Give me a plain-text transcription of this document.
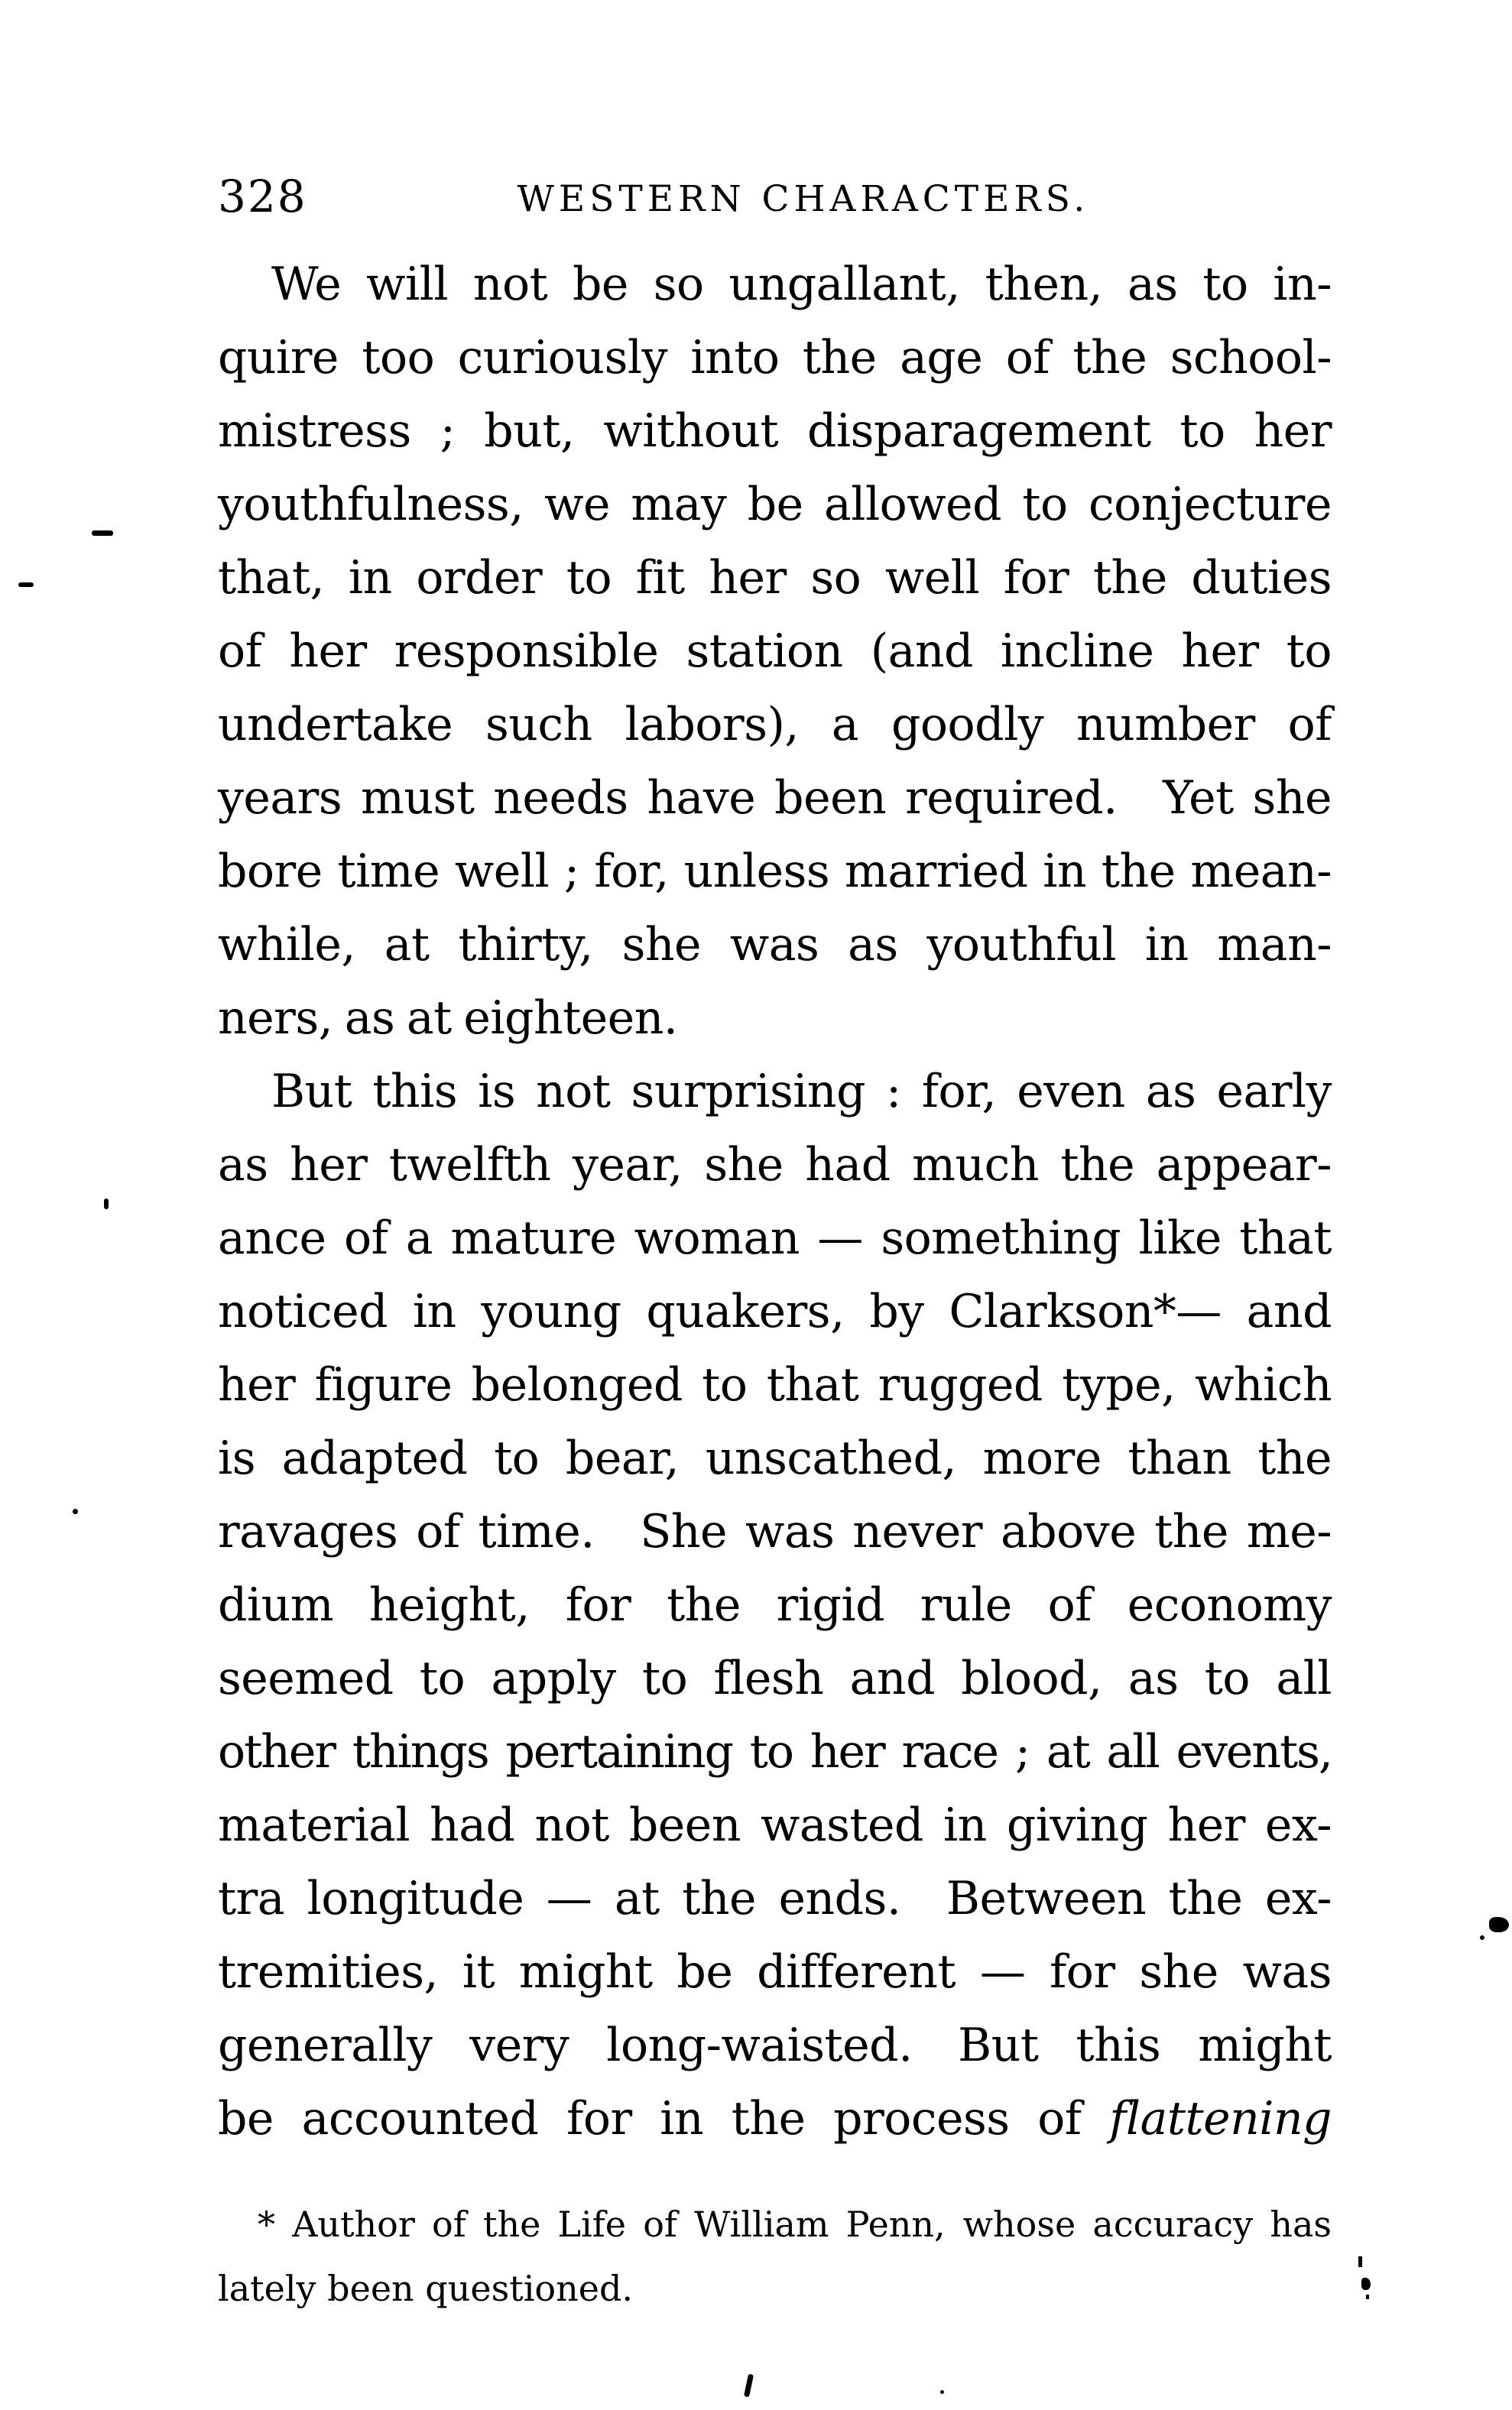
328	WESTERN CHARACTERS.
We will not be so ungallant, then, as to in-
quire too curiously into the age of the school-
mistress ; but, without disparagement to her
youthfulness, we may be allowed to conjecture
that, in order to fit her so well for the duties
of her responsible station (and incline her to
undertake such labors), a goodly number of
years must needs have been required. Yet she
bore time well ; for, unless married in the mean-
while, at thirty, she was as youthful in man-
ners, as at eighteen.
But this is not surprising : for, even as early
as her twelfth year, she had much the appear-
ance of a mature woman — something like that
noticed in young quakers, by Clarkson*— and
her figure belonged to that rugged type, which
is adapted to bear, unscathed, more than the
ravages of time. She was never above the me-
dium height, for the rigid rule of economy
seemed to apply to flesh and blood, as to all
other things pertaining to her race ; at all events,
material had not been wasted in giving her ex-
tra longitude — at the ends. Between the ex-
tremities, it might be different — for she was
generally very long-waisted. But this might
be accounted for in the process of flattening
* Author of the Life of William Penn, whose accuracy has
lately been questioned.
